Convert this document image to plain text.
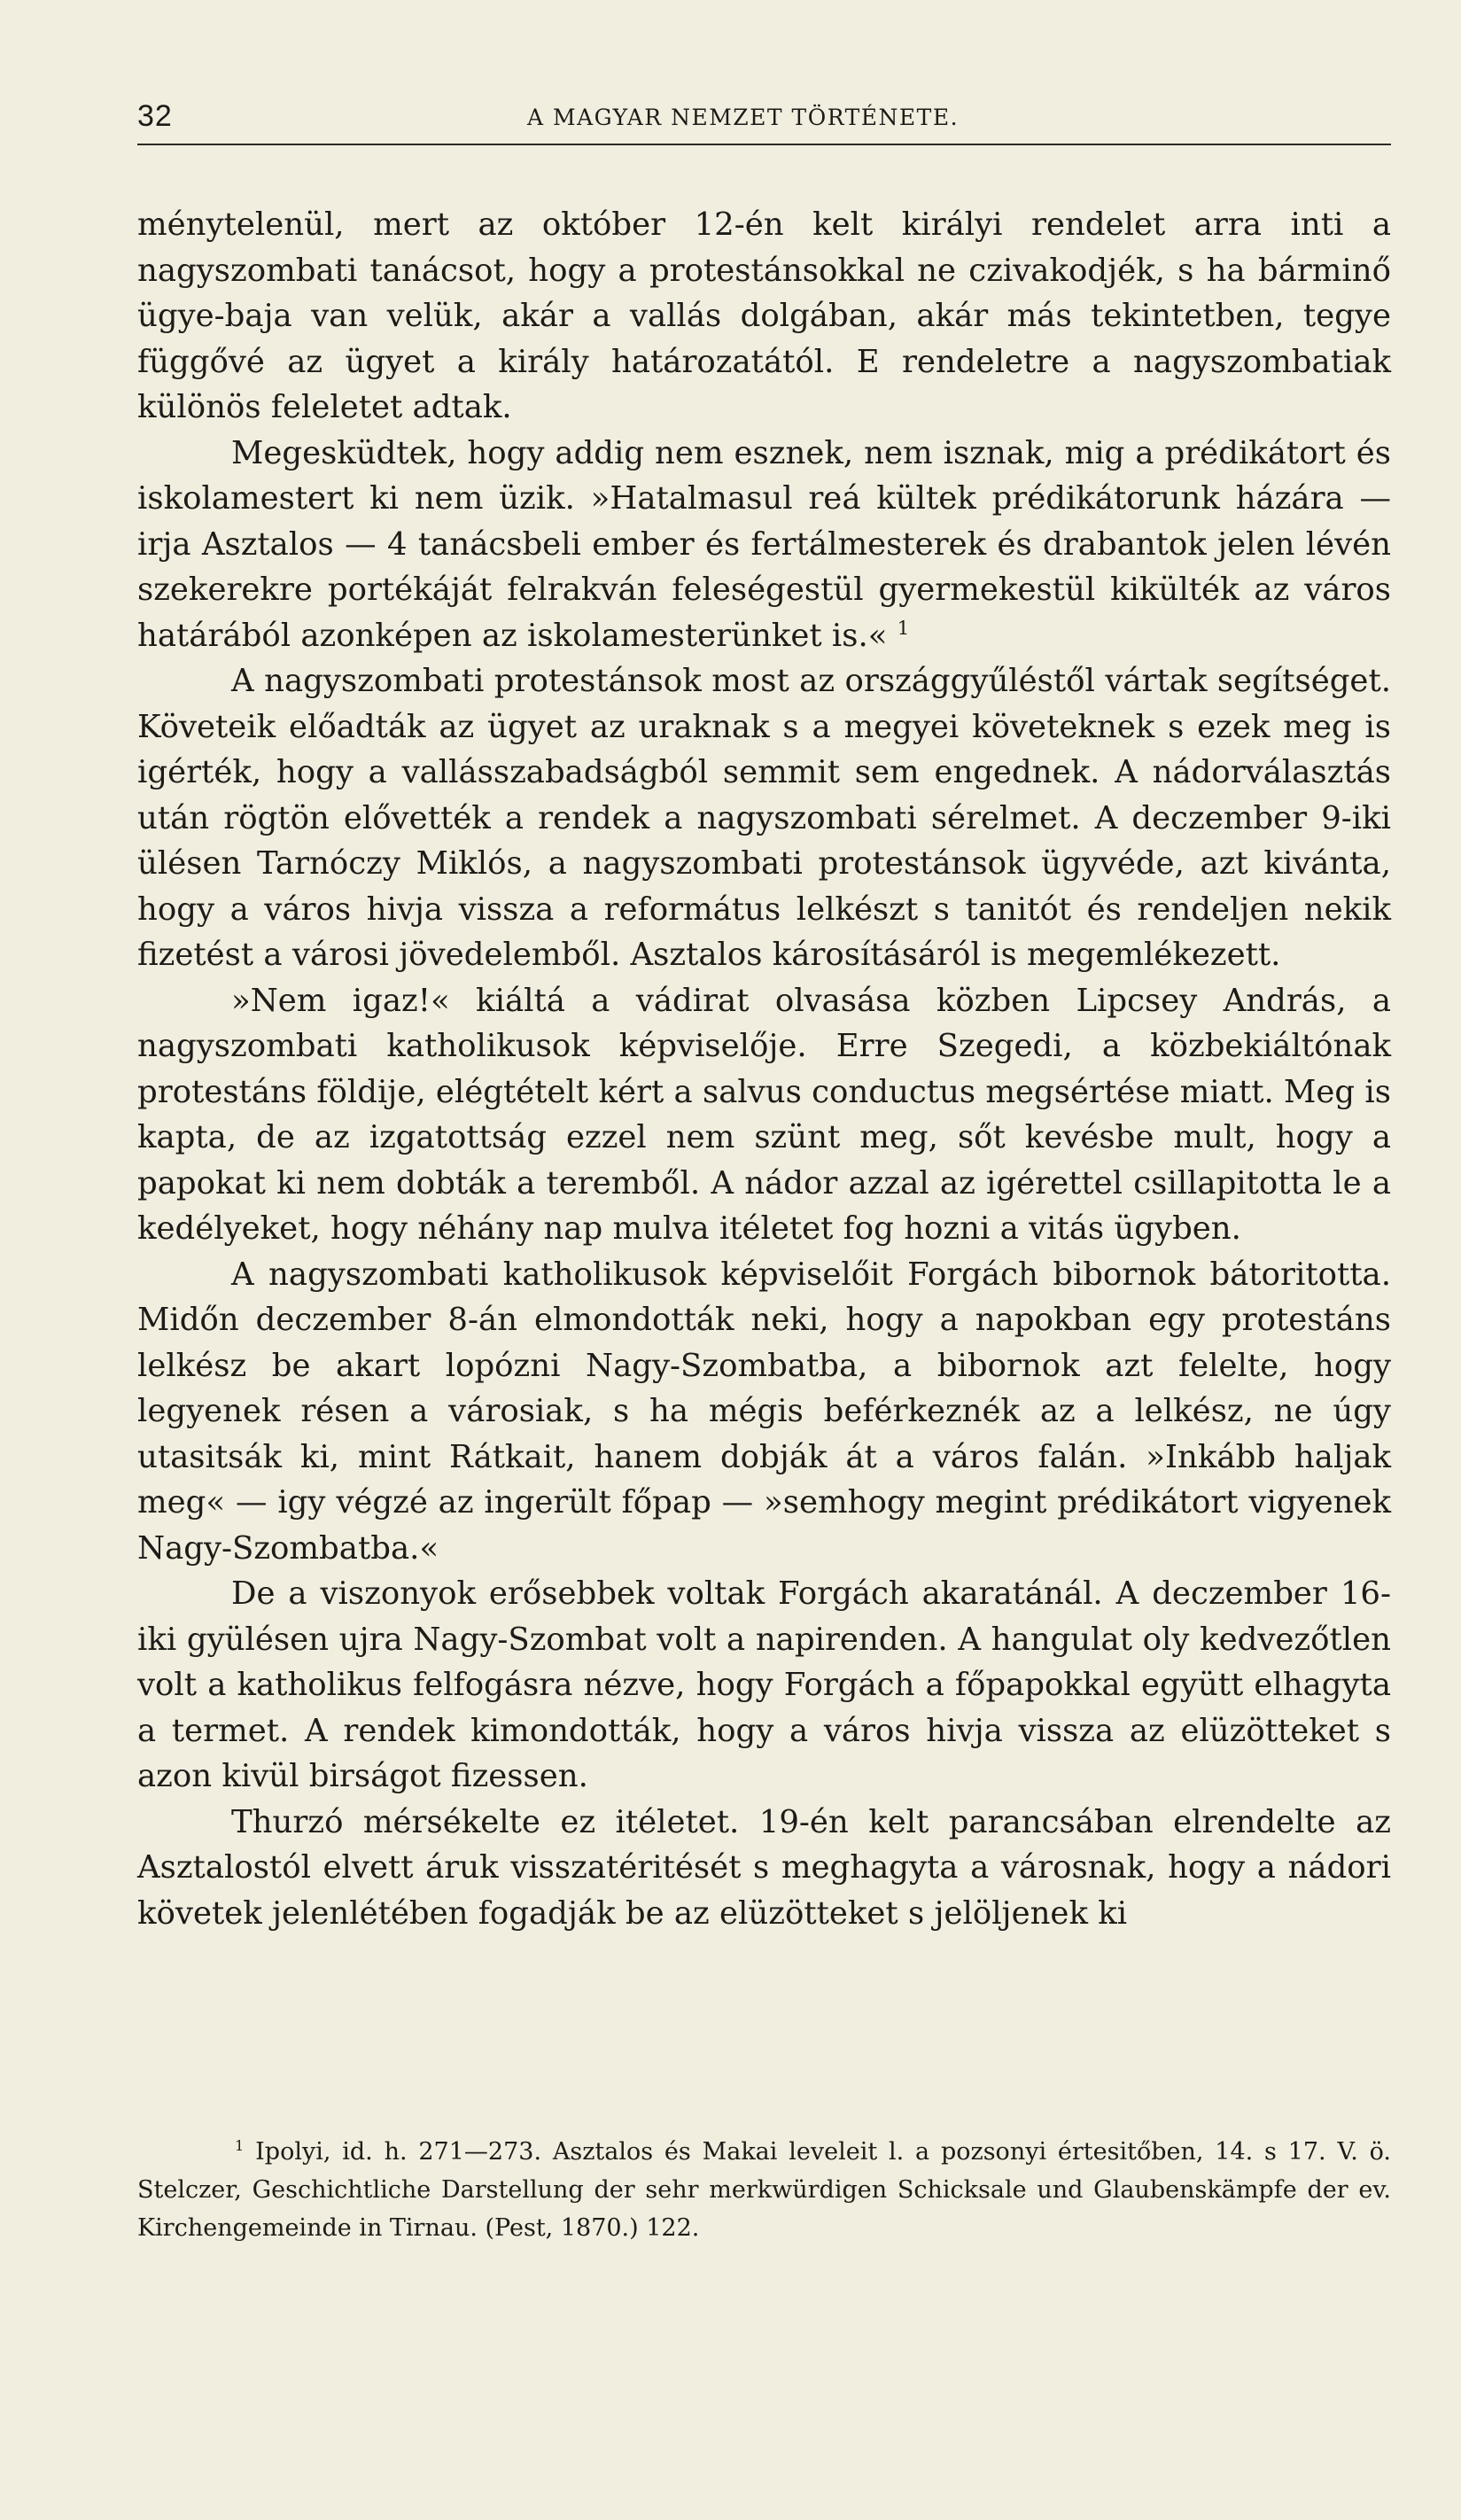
32	A MAGYAR NEMZET TÖRTÉNETE.

ménytelenül, mert az október 12-én kelt királyi rendelet arra inti a nagyszombati tanácsot, hogy a protestánsokkal ne czivakodjék, s ha bárminő ügye-baja van velük, akár a vallás dolgában, akár más tekintetben, tegye függővé az ügyet a király határozatától. E rendeletre a nagyszombatiak különös feleletet adtak.

Megesküdtek, hogy addig nem esznek, nem isznak, mig a prédikátort és iskolamestert ki nem üzik. »Hatalmasul reá kültek prédikátorunk házára — irja Asztalos — 4 tanácsbeli ember és fertálmesterek és drabantok jelen lévén szekerekre portékáját felrakván feleségestül gyermekestül kikülték az város határából azonképen az iskolamesterünket is.« $^1$

A nagyszombati protestánsok most az országgyűléstől vártak segítséget. Követeik előadták az ügyet az uraknak s a megyei követeknek s ezek meg is igérték, hogy a vallásszabadságból semmit sem engednek. A nádorválasztás után rögtön elővették a rendek a nagyszombati sérelmet. A deczember 9-iki ülésen Tarnóczy Miklós, a nagyszombati protestánsok ügyvéde, azt kivánta, hogy a város hivja vissza a református lelkészt s tanitót és rendeljen nekik fizetést a városi jövedelemből. Asztalos károsításáról is megemlékezett.

»Nem igaz!« kiáltá a vádirat olvasása közben Lipcsey András, a nagyszombati katholikusok képviselője. Erre Szegedi, a közbekiáltónak protestáns földije, elégtételt kért a salvus conductus megsértése miatt. Meg is kapta, de az izgatottság ezzel nem szünt meg, sőt kevésbe mult, hogy a papokat ki nem dobták a teremből. A nádor azzal az igérettel csillapitotta le a kedélyeket, hogy néhány nap mulva itéletet fog hozni a vitás ügyben.

A nagyszombati katholikusok képviselőit Forgách bibornok bátoritotta. Midőn deczember 8-án elmondották neki, hogy a napokban egy protestáns lelkész be akart lopózni Nagy-Szombatba, a bibornok azt felelte, hogy legyenek résen a városiak, s ha mégis beférkeznék az a lelkész, ne úgy utasitsák ki, mint Rátkait, hanem dobják át a város falán. »Inkább haljak meg« — igy végzé az ingerült főpap — »semhogy megint prédikátort vigyenek Nagy-Szombatba.«

De a viszonyok erősebbek voltak Forgách akaratánál. A deczember 16-iki gyülésen ujra Nagy-Szombat volt a napirenden. A hangulat oly kedvezőtlen volt a katholikus felfogásra nézve, hogy Forgách a főpapokkal együtt elhagyta a termet. A rendek kimondották, hogy a város hivja vissza az elüzötteket s azon kivül birságot fizessen.

Thurzó mérsékelte ez itéletet. 19-én kelt parancsában elrendelte az Asztalostól elvett áruk visszatéritését s meghagyta a városnak, hogy a nádori követek jelenlétében fogadják be az elüzötteket s jelöljenek ki

$^1$ Ipolyi, id. h. 271—273. Asztalos és Makai leveleit l. a pozsonyi értesitőben, 14. s 17. V. ö. Stelczer, Geschichtliche Darstellung der sehr merkwürdigen Schicksale und Glaubenskämpfe der ev. Kirchengemeinde in Tirnau. (Pest, 1870.) 122.
